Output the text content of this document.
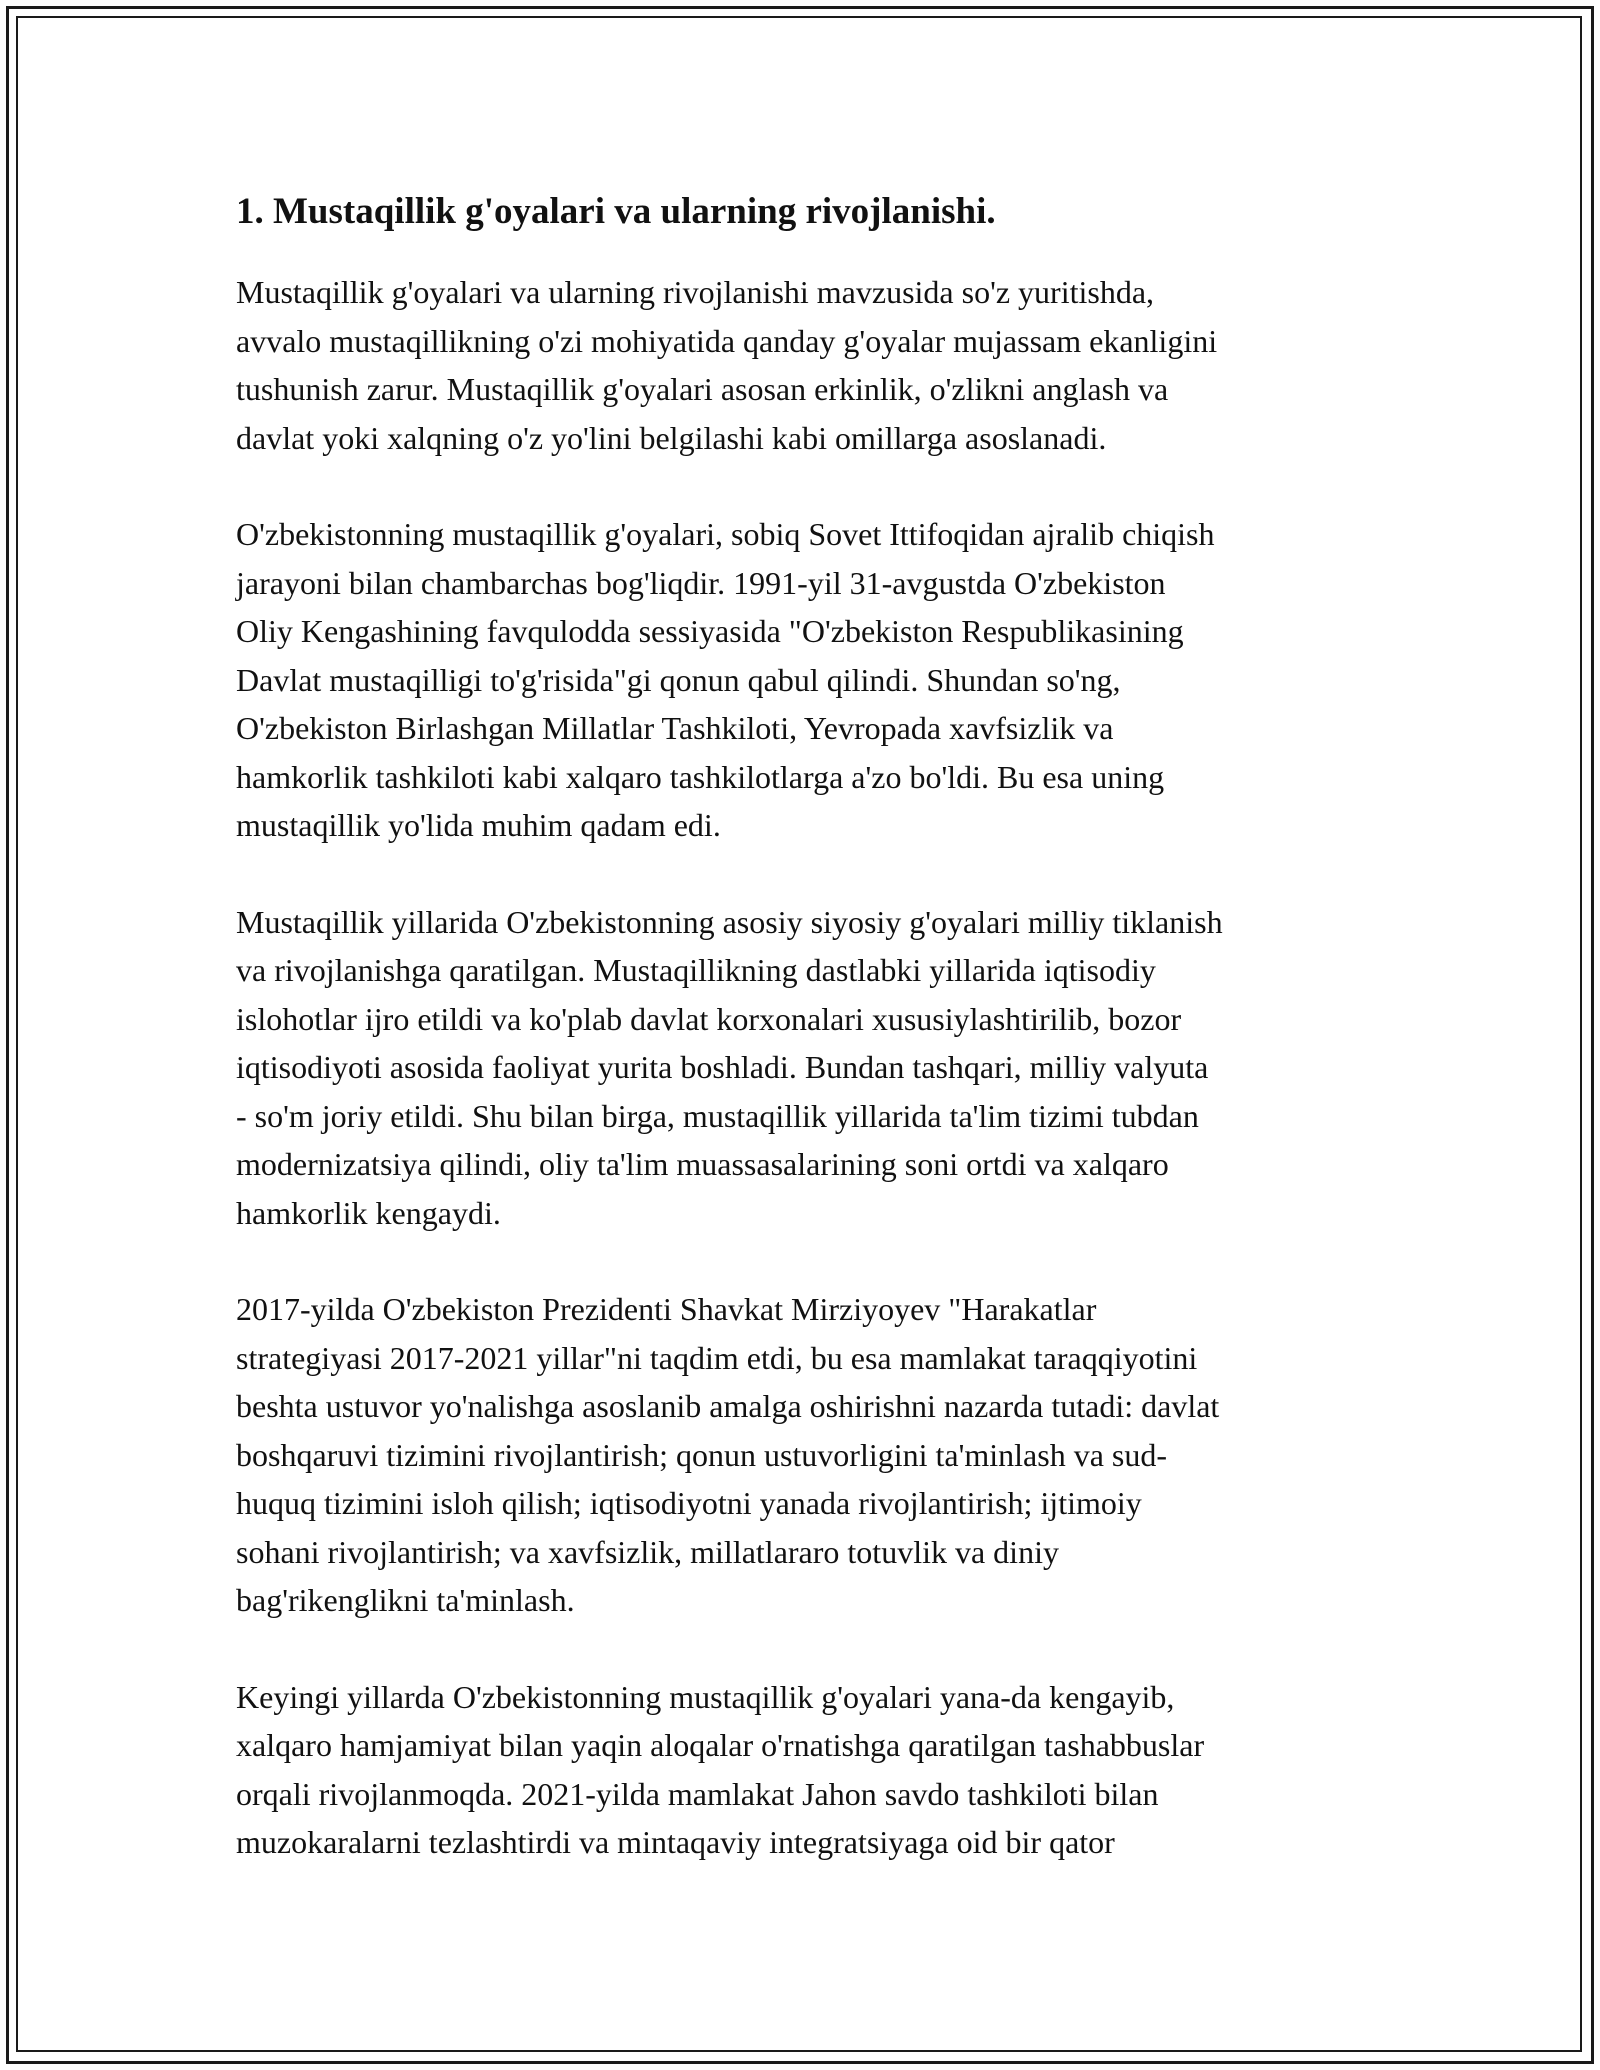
1. Mustaqillik g'oyalari va ularning rivojlanishi.
Mustaqillik g'oyalari va ularning rivojlanishi mavzusida so'z yuritishda,
avvalo mustaqillikning o'zi mohiyatida qanday g'oyalar mujassam ekanligini
tushunish zarur. Mustaqillik g'oyalari asosan erkinlik, o'zlikni anglash va
davlat yoki xalqning o'z yo'lini belgilashi kabi omillarga asoslanadi.
O'zbekistonning mustaqillik g'oyalari, sobiq Sovet Ittifoqidan ajralib chiqish
jarayoni bilan chambarchas bog'liqdir. 1991-yil 31-avgustda O'zbekiston
Oliy Kengashining favqulodda sessiyasida "O'zbekiston Respublikasining
Davlat mustaqilligi to'g'risida"gi qonun qabul qilindi. Shundan so'ng,
O'zbekiston Birlashgan Millatlar Tashkiloti, Yevropada xavfsizlik va
hamkorlik tashkiloti kabi xalqaro tashkilotlarga a'zo bo'ldi. Bu esa uning
mustaqillik yo'lida muhim qadam edi.
Mustaqillik yillarida O'zbekistonning asosiy siyosiy g'oyalari milliy tiklanish
va rivojlanishga qaratilgan. Mustaqillikning dastlabki yillarida iqtisodiy
islohotlar ijro etildi va ko'plab davlat korxonalari xususiylashtirilib, bozor
iqtisodiyoti asosida faoliyat yurita boshladi. Bundan tashqari, milliy valyuta
- so'm joriy etildi. Shu bilan birga, mustaqillik yillarida ta'lim tizimi tubdan
modernizatsiya qilindi, oliy ta'lim muassasalarining soni ortdi va xalqaro
hamkorlik kengaydi.
2017-yilda O'zbekiston Prezidenti Shavkat Mirziyoyev "Harakatlar
strategiyasi 2017-2021 yillar"ni taqdim etdi, bu esa mamlakat taraqqiyotini
beshta ustuvor yo'nalishga asoslanib amalga oshirishni nazarda tutadi: davlat
boshqaruvi tizimini rivojlantirish; qonun ustuvorligini ta'minlash va sud-
huquq tizimini isloh qilish; iqtisodiyotni yanada rivojlantirish; ijtimoiy
sohani rivojlantirish; va xavfsizlik, millatlararo totuvlik va diniy
bag'rikenglikni ta'minlash.
Keyingi yillarda O'zbekistonning mustaqillik g'oyalari yana-da kengayib,
xalqaro hamjamiyat bilan yaqin aloqalar o'rnatishga qaratilgan tashabbuslar
orqali rivojlanmoqda. 2021-yilda mamlakat Jahon savdo tashkiloti bilan
muzokaralarni tezlashtirdi va mintaqaviy integratsiyaga oid bir qator
